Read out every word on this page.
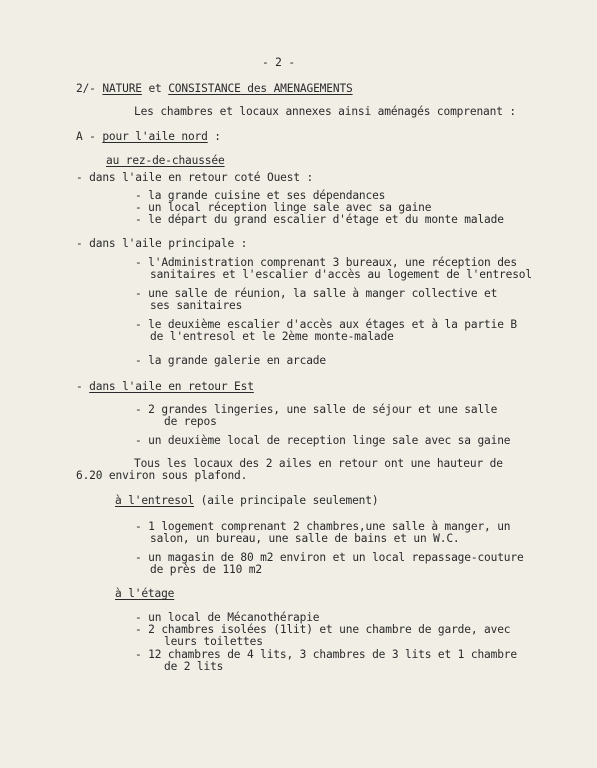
- 2 -
2/- NATURE et CONSISTANCE des AMENAGEMENTS
Les chambres et locaux annexes ainsi aménagés comprenant :
A - pour l'aile nord :
au rez-de-chaussée
- dans l'aile en retour coté Ouest :
- la grande cuisine et ses dépendances
- un local réception linge sale avec sa gaine
- le départ du grand escalier d'étage et du monte malade
- dans l'aile principale :
- l'Administration comprenant 3 bureaux, une réception des
sanitaires et l'escalier d'accès au logement de l'entresol
- une salle de réunion, la salle à manger collective et
ses sanitaires
- le deuxième escalier d'accès aux étages et à la partie B
de l'entresol et le 2ème monte-malade
- la grande galerie en arcade
- dans l'aile en retour Est
- 2 grandes lingeries, une salle de séjour et une salle
de repos
- un deuxième local de reception linge sale avec sa gaine
Tous les locaux des 2 ailes en retour ont une hauteur de
6.20 environ sous plafond.
à l'entresol (aile principale seulement)
- 1 logement comprenant 2 chambres,une salle à manger, un
salon, un bureau, une salle de bains et un W.C.
- un magasin de 80 m2 environ et un local repassage-couture
de près de 110 m2
à l'étage
- un local de Mécanothérapie
- 2 chambres isolées (1lit) et une chambre de garde, avec
leurs toilettes
- 12 chambres de 4 lits, 3 chambres de 3 lits et 1 chambre
de 2 lits
